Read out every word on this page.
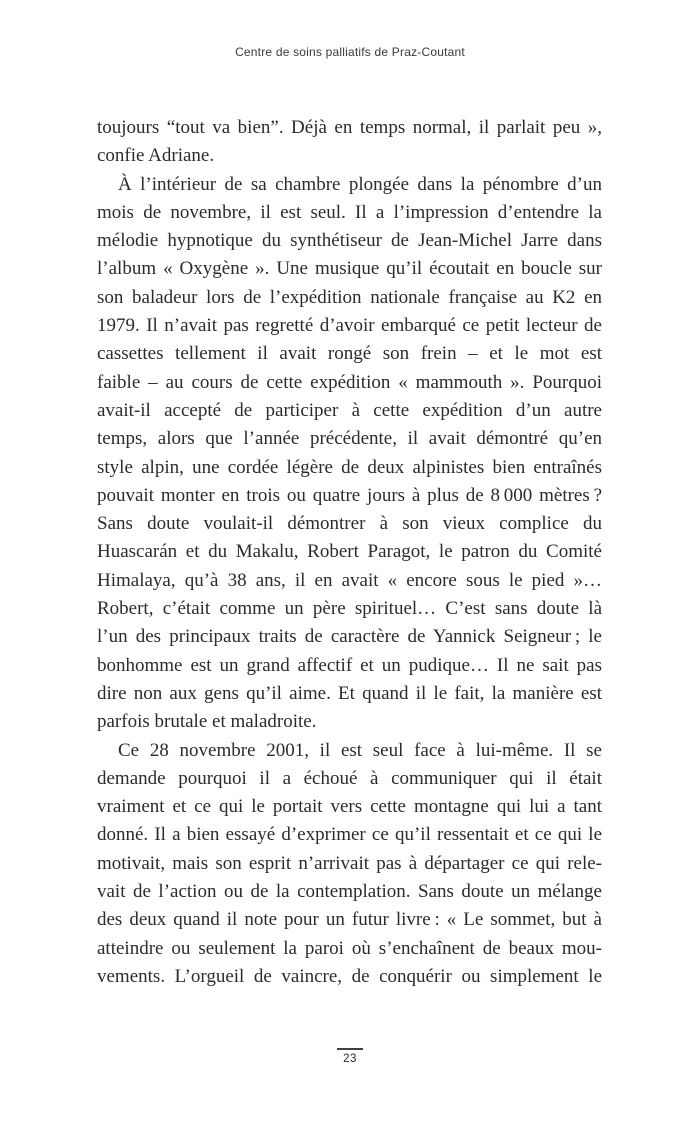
Centre de soins palliatifs de Praz-Coutant
toujours “tout va bien”. Déjà en temps normal, il parlait peu »,
confie Adriane.
À l’intérieur de sa chambre plongée dans la pénombre d’un
mois de novembre, il est seul. Il a l’impression d’entendre la
mélodie hypnotique du synthétiseur de Jean-Michel Jarre dans
l’album « Oxygène ». Une musique qu’il écoutait en boucle sur
son baladeur lors de l’expédition nationale française au K2 en
1979. Il n’avait pas regretté d’avoir embarqué ce petit lecteur de
cassettes tellement il avait rongé son frein – et le mot est
faible – au cours de cette expédition « mammouth ». Pourquoi
avait-il accepté de participer à cette expédition d’un autre
temps, alors que l’année précédente, il avait démontré qu’en
style alpin, une cordée légère de deux alpinistes bien entraînés
pouvait monter en trois ou quatre jours à plus de 8 000 mètres ?
Sans doute voulait-il démontrer à son vieux complice du
Huascarán et du Makalu, Robert Paragot, le patron du Comité
Himalaya, qu’à 38 ans, il en avait « encore sous le pied »…
Robert, c’était comme un père spirituel… C’est sans doute là
l’un des principaux traits de caractère de Yannick Seigneur ; le
bonhomme est un grand affectif et un pudique… Il ne sait pas
dire non aux gens qu’il aime. Et quand il le fait, la manière est
parfois brutale et maladroite.
Ce 28 novembre 2001, il est seul face à lui-même. Il se
demande pourquoi il a échoué à communiquer qui il était
vraiment et ce qui le portait vers cette montagne qui lui a tant
donné. Il a bien essayé d’exprimer ce qu’il ressentait et ce qui le
motivait, mais son esprit n’arrivait pas à départager ce qui rele-
vait de l’action ou de la contemplation. Sans doute un mélange
des deux quand il note pour un futur livre : « Le sommet, but à
atteindre ou seulement la paroi où s’enchaînent de beaux mou-
vements. L’orgueil de vaincre, de conquérir ou simplement le
23
